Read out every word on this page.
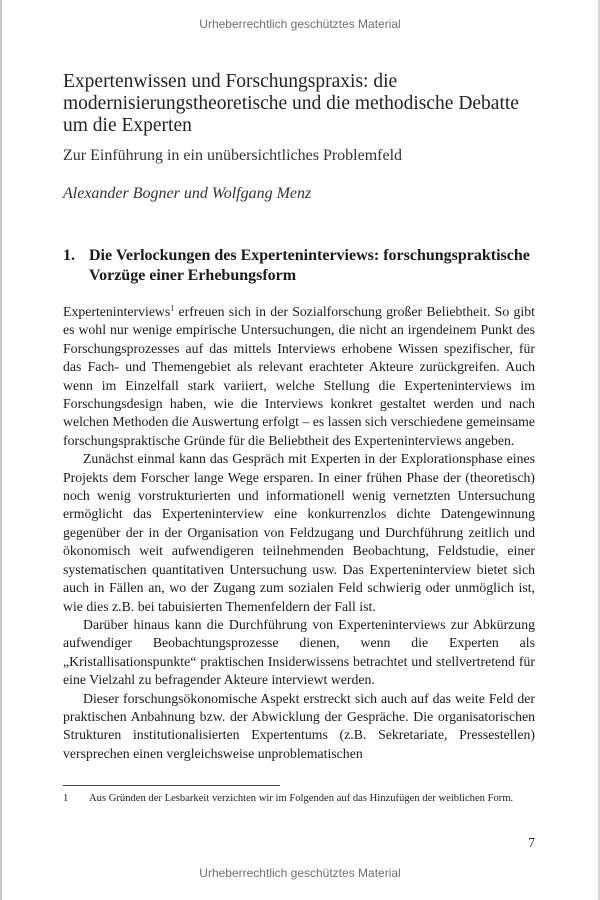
Urheberrechtlich geschütztes Material
Expertenwissen und Forschungspraxis: die modernisierungstheoretische und die methodische Debatte um die Experten
Zur Einführung in ein unübersichtliches Problemfeld
Alexander Bogner und Wolfgang Menz
1. Die Verlockungen des Experteninterviews: forschungspraktische Vorzüge einer Erhebungsform

Experteninterviews$^1$ erfreuen sich in der Sozialforschung großer Beliebtheit. So gibt es wohl nur wenige empirische Untersuchungen, die nicht an irgendeinem Punkt des Forschungsprozesses auf das mittels Interviews erhobene Wissen spezifischer, für das Fach- und Themengebiet als relevant erachteter Akteure zurückgreifen. Auch wenn im Einzelfall stark variiert, welche Stellung die Experteninterviews im Forschungsdesign haben, wie die Interviews konkret gestaltet werden und nach welchen Methoden die Auswertung erfolgt – es lassen sich verschiedene gemeinsame forschungspraktische Gründe für die Beliebtheit des Experteninterviews angeben.

Zunächst einmal kann das Gespräch mit Experten in der Explorationsphase eines Projekts dem Forscher lange Wege ersparen. In einer frühen Phase der (theoretisch) noch wenig vorstrukturierten und informationell wenig vernetzten Untersuchung ermöglicht das Experteninterview eine konkurrenzlos dichte Datengewinnung gegenüber der in der Organisation von Feldzugang und Durchführung zeitlich und ökonomisch weit aufwendigeren teilnehmenden Beobachtung, Feldstudie, einer systematischen quantitativen Untersuchung usw. Das Experteninterview bietet sich auch in Fällen an, wo der Zugang zum sozialen Feld schwierig oder unmöglich ist, wie dies z.B. bei tabuisierten Themenfeldern der Fall ist.

Darüber hinaus kann die Durchführung von Experteninterviews zur Abkürzung aufwendiger Beobachtungsprozesse dienen, wenn die Experten als „Kristallisationspunkte“ praktischen Insiderwissens betrachtet und stellvertretend für eine Vielzahl zu befragender Akteure interviewt werden.

Dieser forschungsökonomische Aspekt erstreckt sich auch auf das weite Feld der praktischen Anbahnung bzw. der Abwicklung der Gespräche. Die organisatorischen Strukturen institutionalisierten Expertentums (z.B. Sekretariate, Pressestellen) versprechen einen vergleichsweise unproblematischen

1 Aus Gründen der Lesbarkeit verzichten wir im Folgenden auf das Hinzufügen der weiblichen Form.
7
Urheberrechtlich geschütztes Material
